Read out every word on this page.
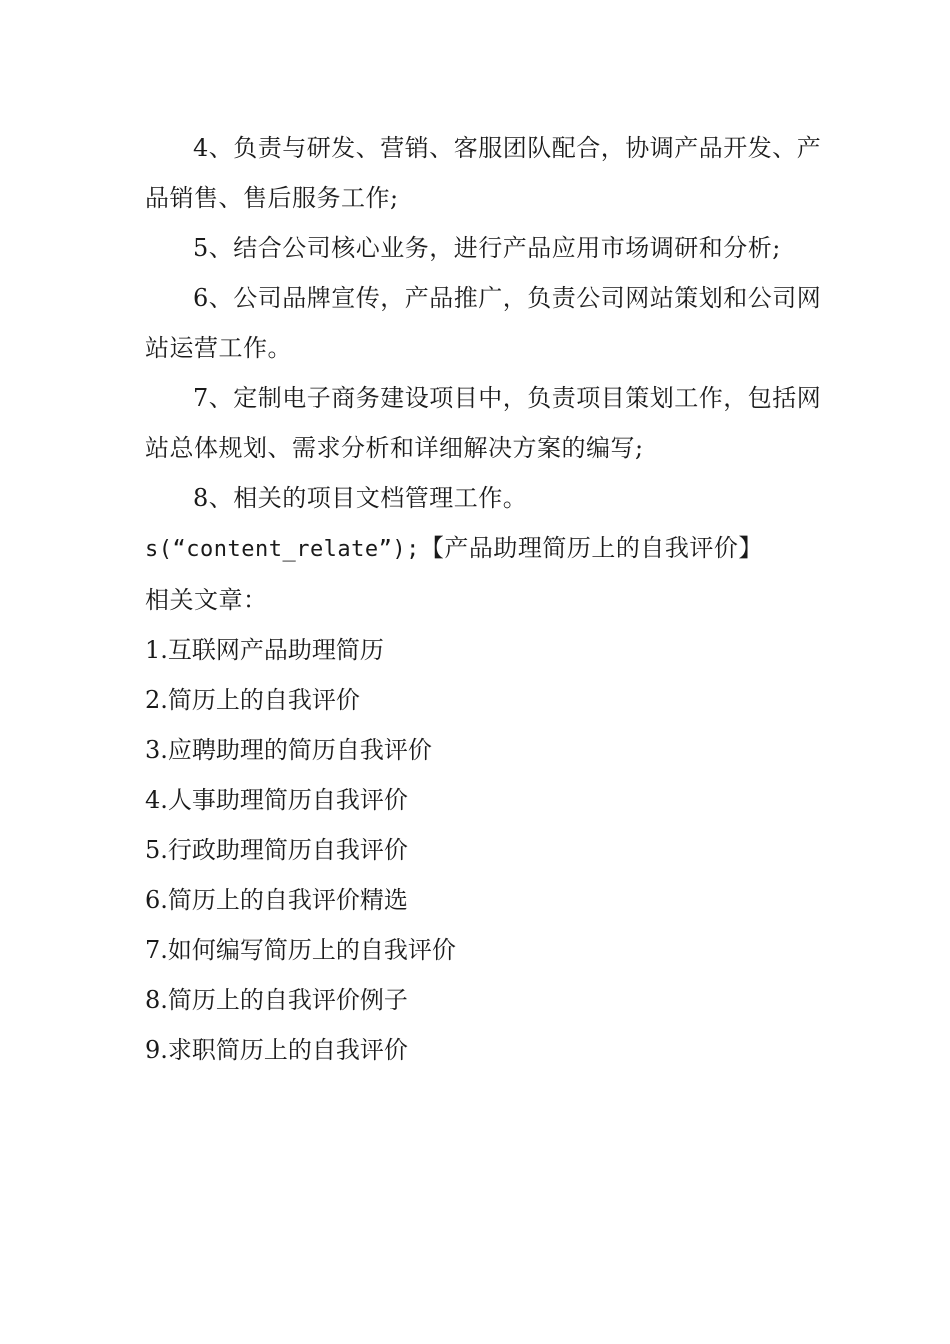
4、负责与研发、营销、客服团队配合，协调产品开发、产品销售、售后服务工作;

5、结合公司核心业务，进行产品应用市场调研和分析;

6、公司品牌宣传，产品推广，负责公司网站策划和公司网站运营工作。

7、定制电子商务建设项目中，负责项目策划工作，包括网站总体规划、需求分析和详细解决方案的编写;

8、相关的项目文档管理工作。

s(“content_relate”);【产品助理简历上的自我评价】

相关文章：

1.互联网产品助理简历
2.简历上的自我评价
3.应聘助理的简历自我评价
4.人事助理简历自我评价
5.行政助理简历自我评价
6.简历上的自我评价精选
7.如何编写简历上的自我评价
8.简历上的自我评价例子
9.求职简历上的自我评价
